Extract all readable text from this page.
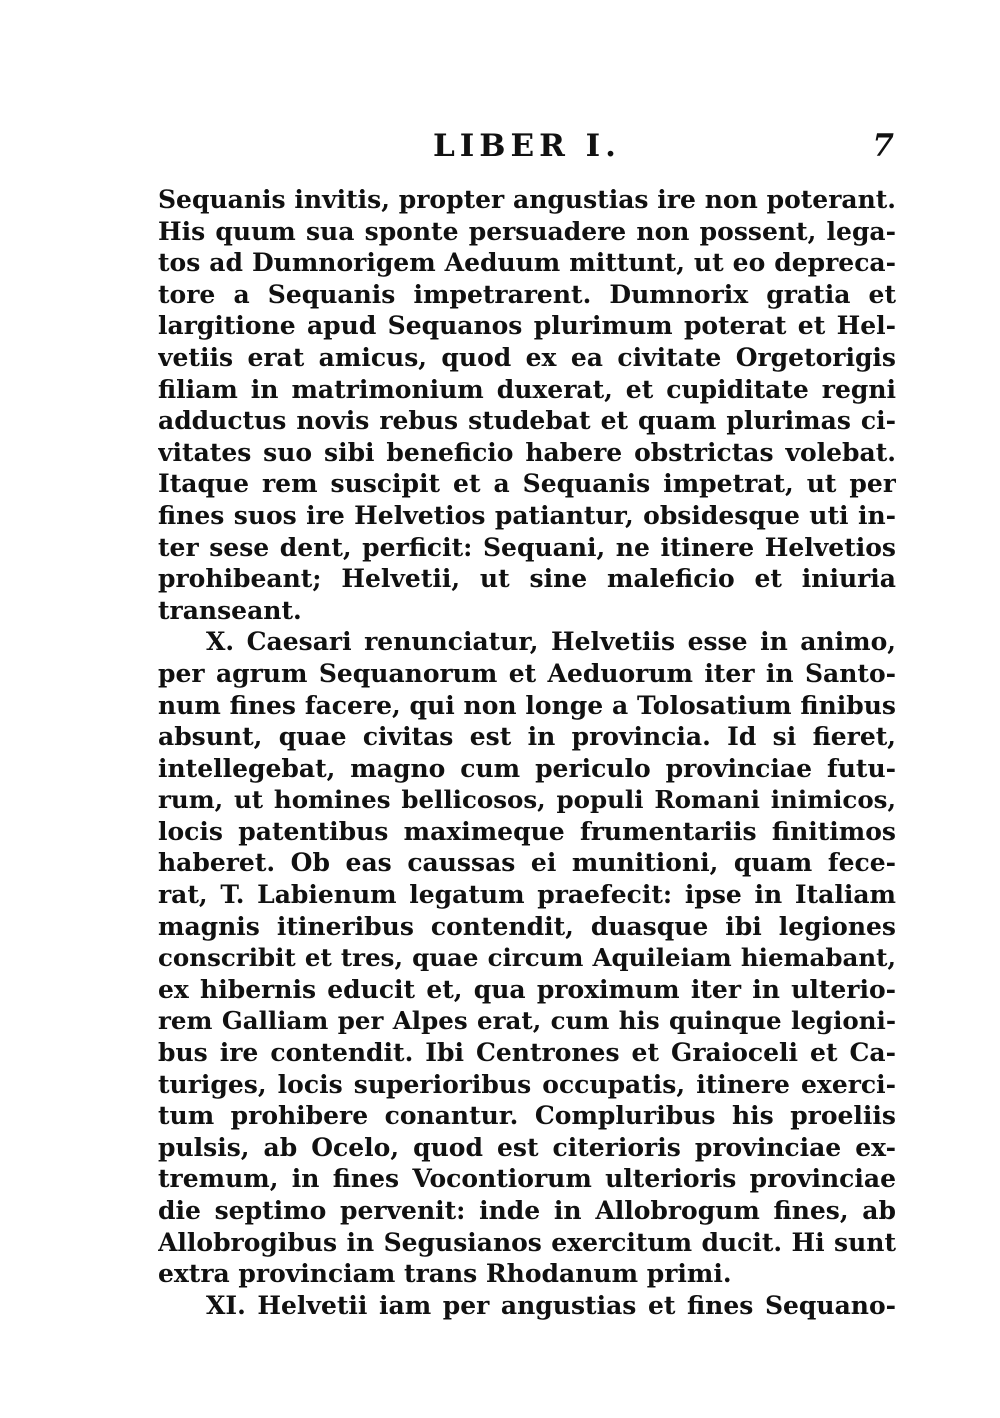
LIBER I.	7
Sequanis invitis, propter angustias ire non poterant.
His quum sua sponte persuadere non possent, lega-
tos ad Dumnorigem Aeduum mittunt, ut eo depreca-
tore a Sequanis impetrarent. Dumnorix gratia et
largitione apud Sequanos plurimum poterat et Hel-
vetiis erat amicus, quod ex ea civitate Orgetorigis
filiam in matrimonium duxerat, et cupiditate regni
adductus novis rebus studebat et quam plurimas ci-
vitates suo sibi beneficio habere obstrictas volebat.
Itaque rem suscipit et a Sequanis impetrat, ut per
fines suos ire Helvetios patiantur, obsidesque uti in-
ter sese dent, perficit: Sequani, ne itinere Helvetios
prohibeant; Helvetii, ut sine maleficio et iniuria
transeant.
X. Caesari renunciatur, Helvetiis esse in animo,
per agrum Sequanorum et Aeduorum iter in Santo-
num fines facere, qui non longe a Tolosatium finibus
absunt, quae civitas est in provincia. Id si fieret,
intellegebat, magno cum periculo provinciae futu-
rum, ut homines bellicosos, populi Romani inimicos,
locis patentibus maximeque frumentariis finitimos
haberet. Ob eas caussas ei munitioni, quam fece-
rat, T. Labienum legatum praefecit: ipse in Italiam
magnis itineribus contendit, duasque ibi legiones
conscribit et tres, quae circum Aquileiam hiemabant,
ex hibernis educit et, qua proximum iter in ulterio-
rem Galliam per Alpes erat, cum his quinque legioni-
bus ire contendit. Ibi Centrones et Graioceli et Ca-
turiges, locis superioribus occupatis, itinere exerci-
tum prohibere conantur. Compluribus his proeliis
pulsis, ab Ocelo, quod est citerioris provinciae ex-
tremum, in fines Vocontiorum ulterioris provinciae
die septimo pervenit: inde in Allobrogum fines, ab
Allobrogibus in Segusianos exercitum ducit. Hi sunt
extra provinciam trans Rhodanum primi.
XI. Helvetii iam per angustias et fines Sequano-
